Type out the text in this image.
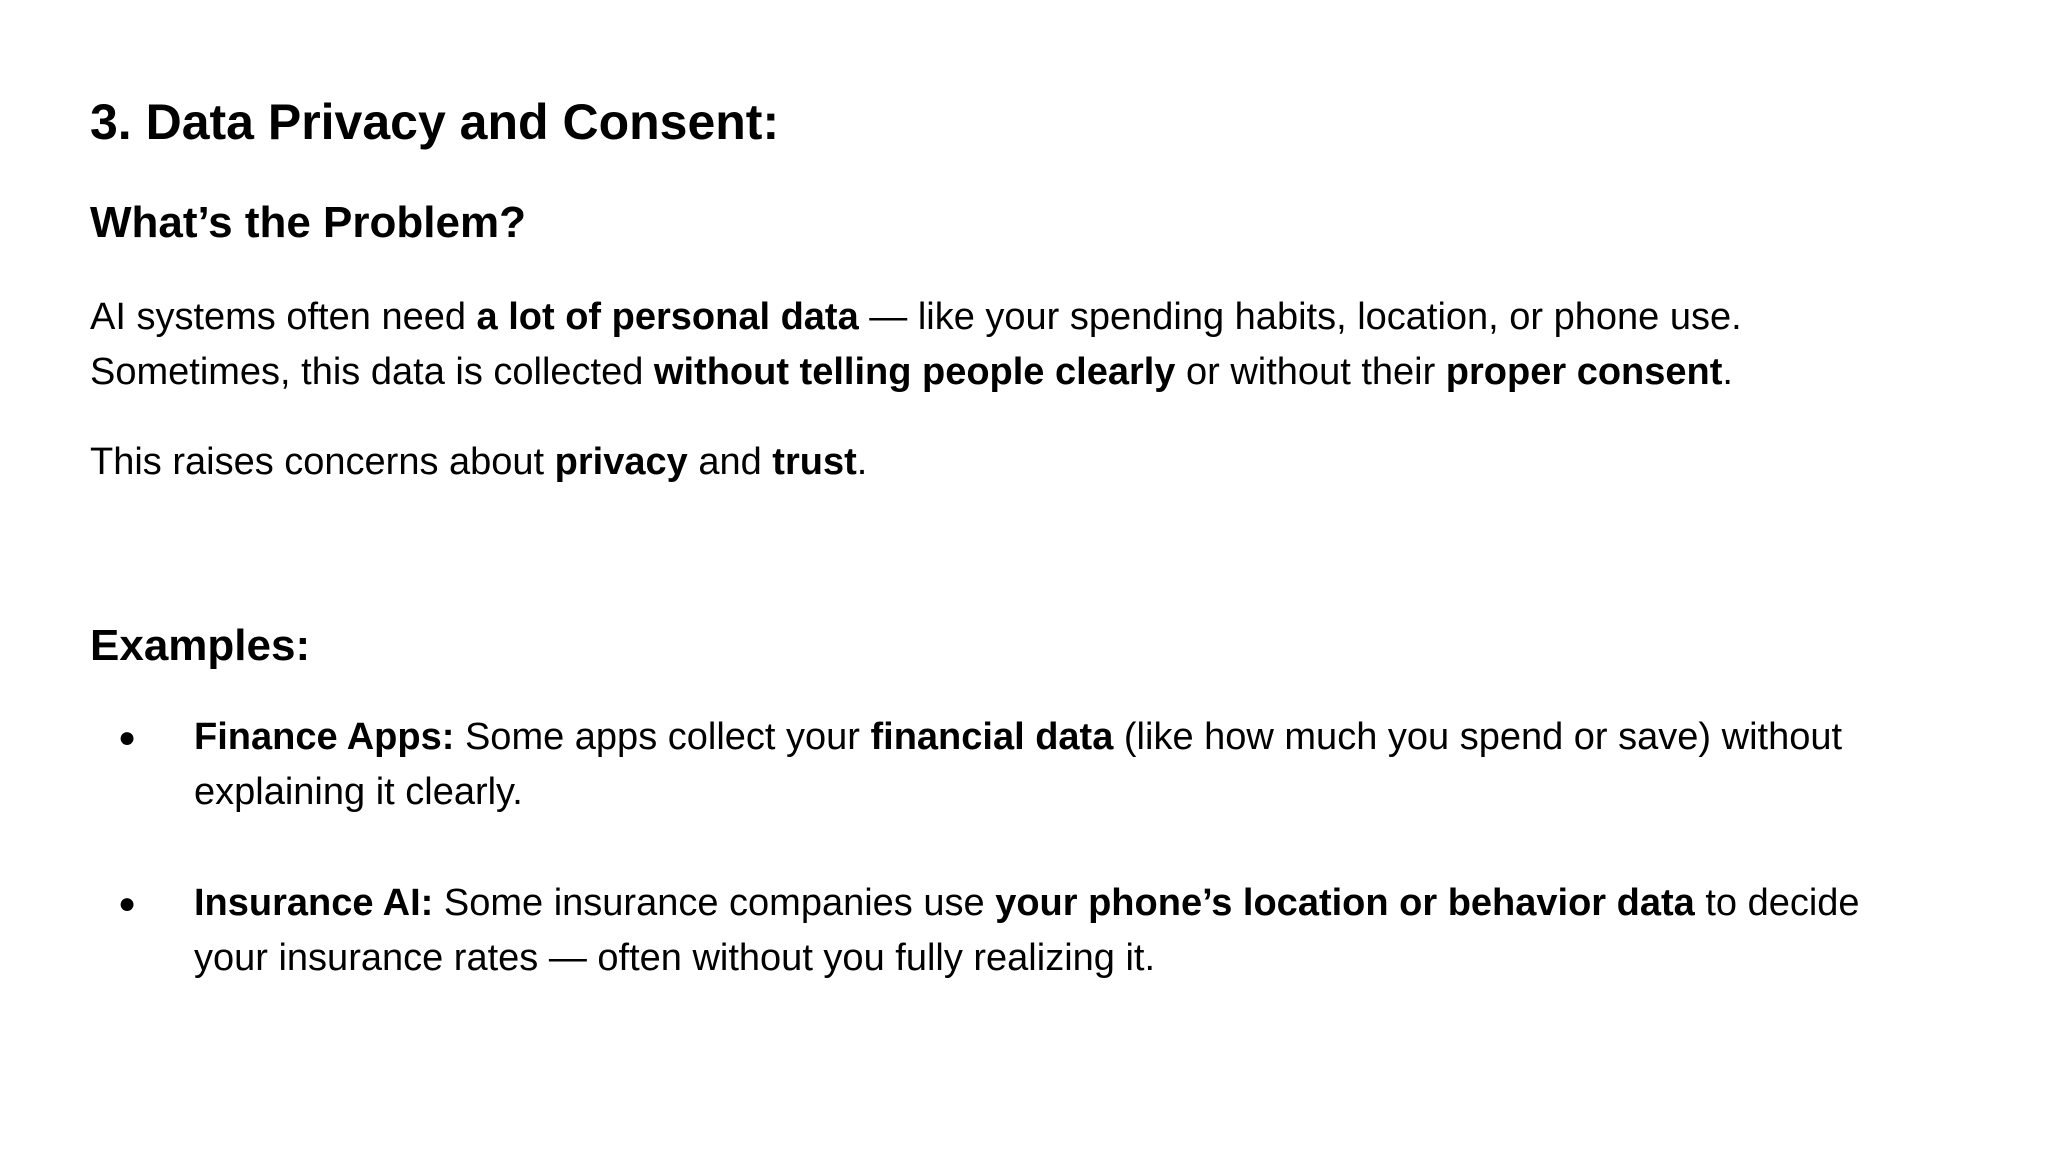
3. Data Privacy and Consent:
What’s the Problem?

AI systems often need a lot of personal data — like your spending habits, location, or phone use.
Sometimes, this data is collected without telling people clearly or without their proper consent.

This raises concerns about privacy and trust.

Examples:
● Finance Apps: Some apps collect your financial data (like how much you spend or save) without
explaining it clearly.
● Insurance AI: Some insurance companies use your phone’s location or behavior data to decide
your insurance rates — often without you fully realizing it.
